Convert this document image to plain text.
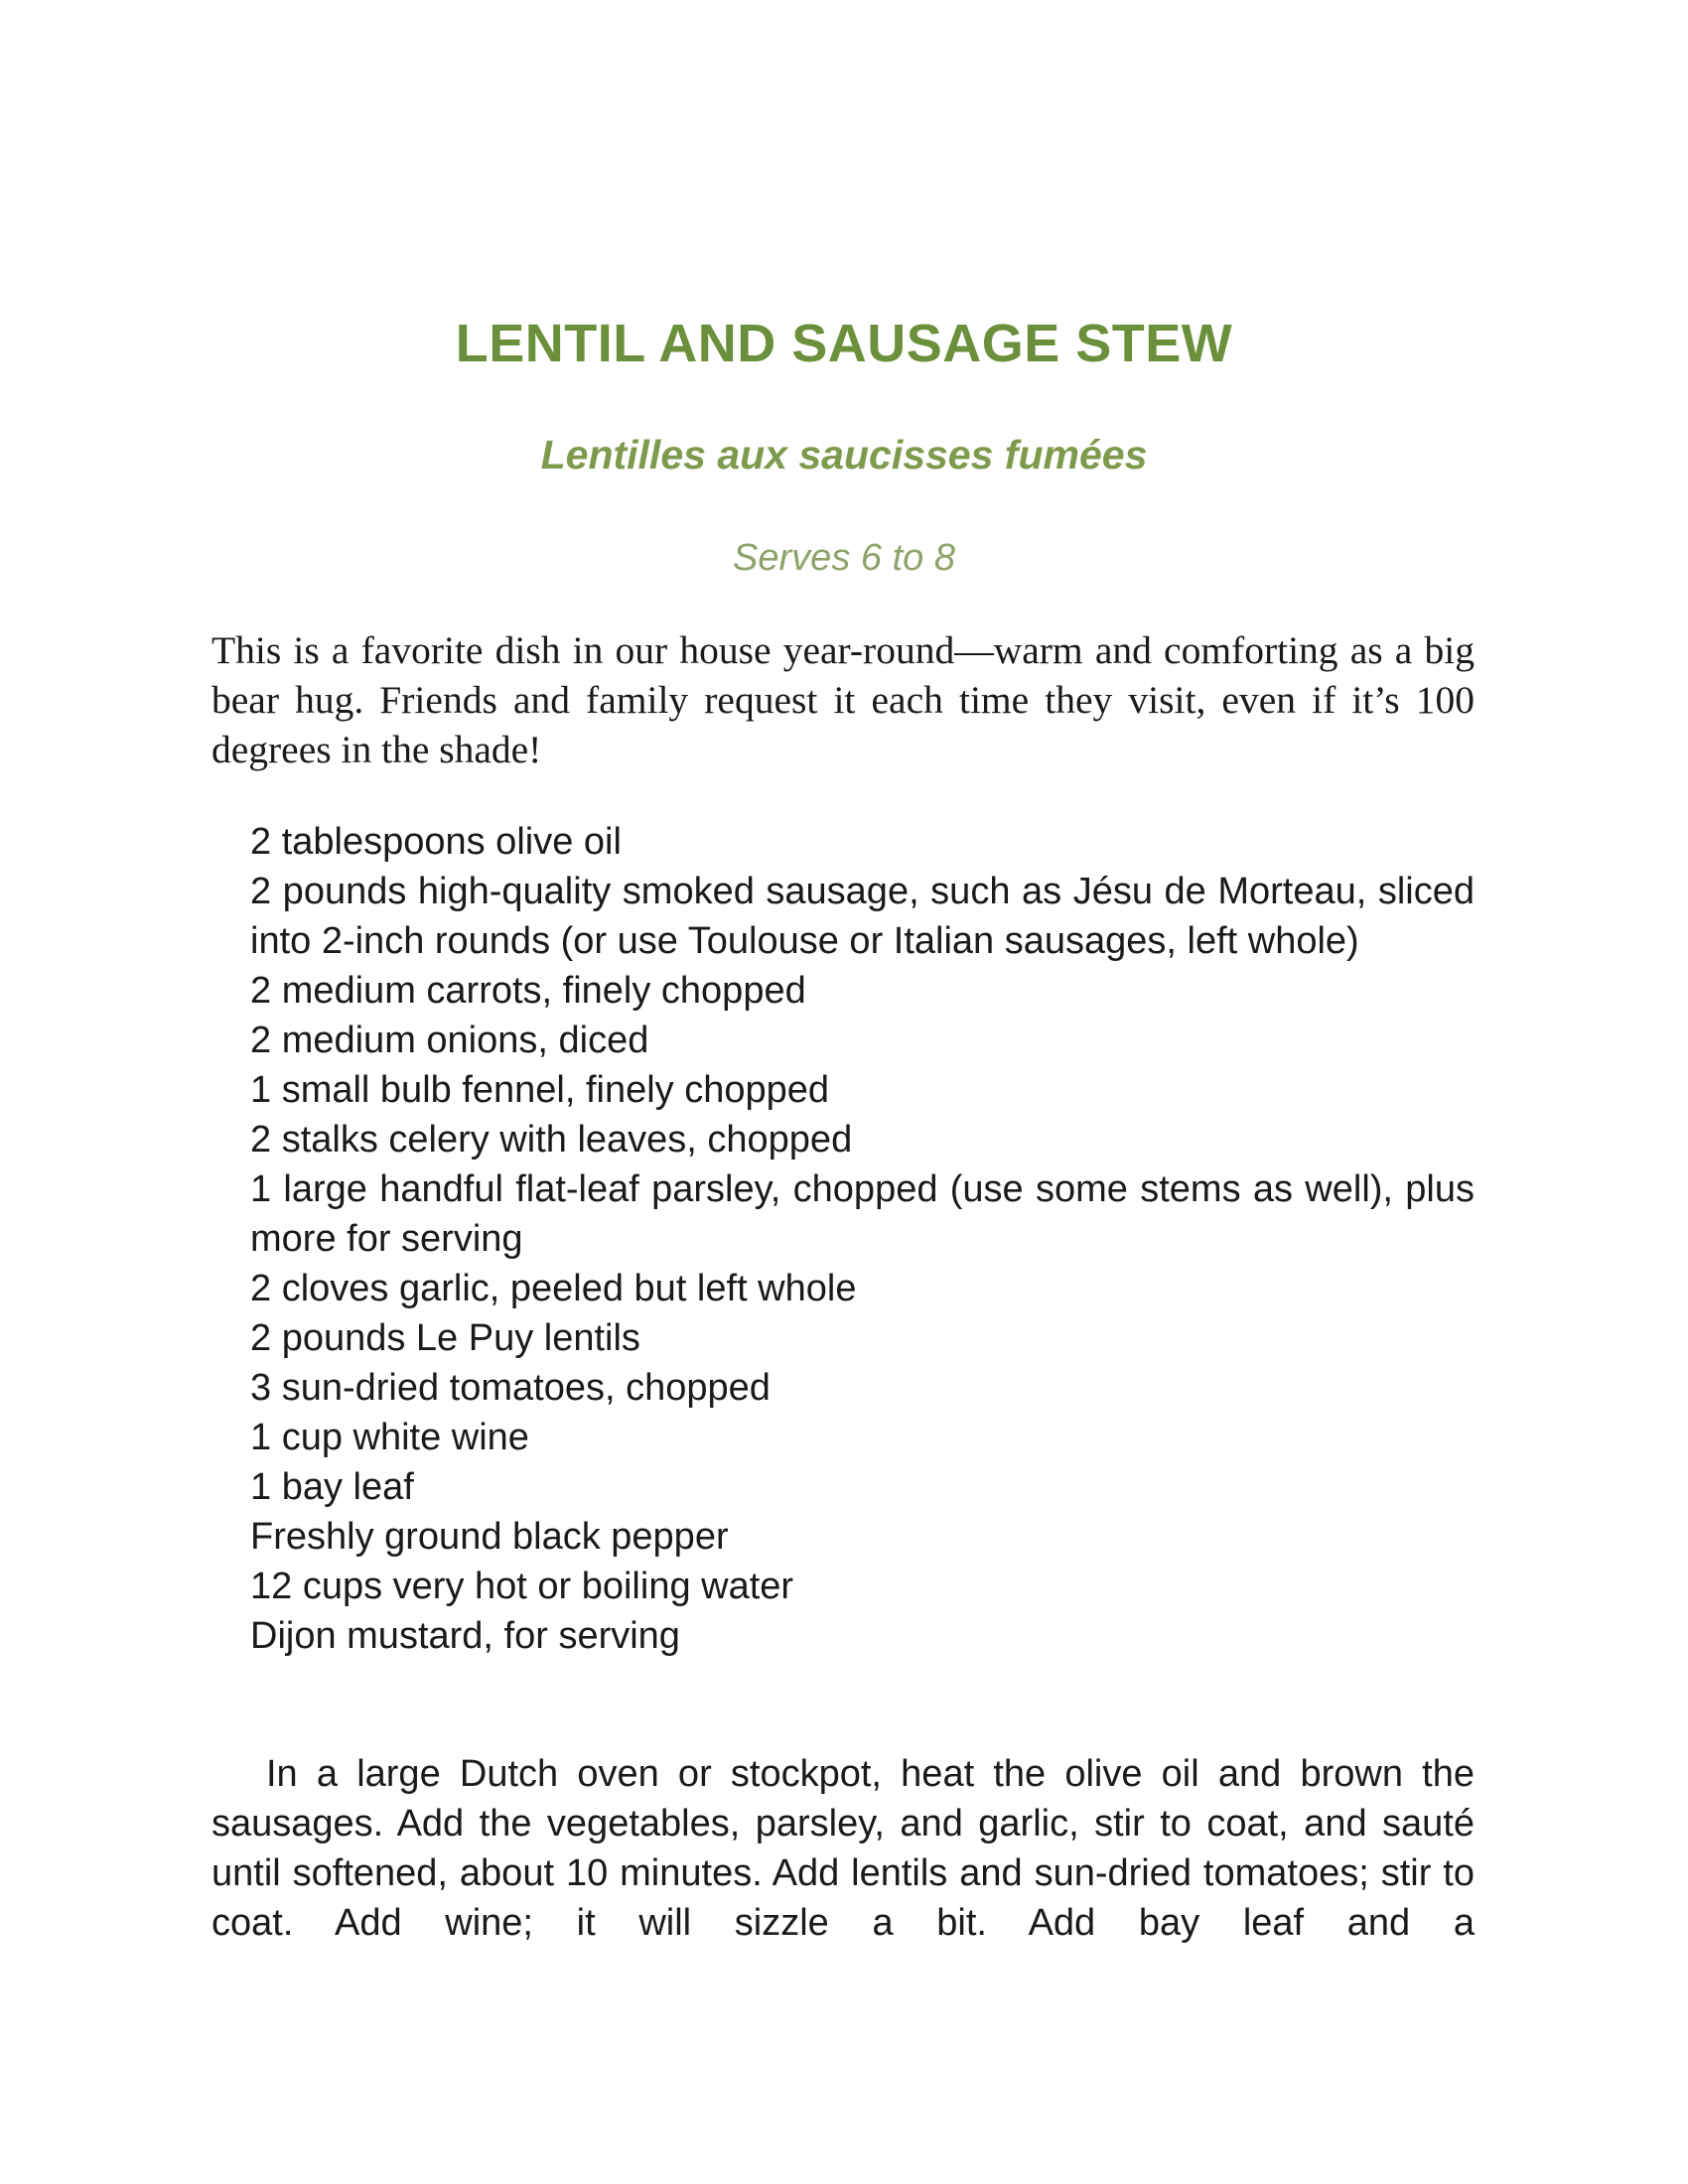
LENTIL AND SAUSAGE STEW
Lentilles aux saucisses fumées

Serves 6 to 8

This is a favorite dish in our house year-round—warm and comforting as a big bear hug. Friends and family request it each time they visit, even if it’s 100 degrees in the shade!

2 tablespoons olive oil
2 pounds high-quality smoked sausage, such as Jésu de Morteau, sliced into 2-inch rounds (or use Toulouse or Italian sausages, left whole)
2 medium carrots, finely chopped
2 medium onions, diced
1 small bulb fennel, finely chopped
2 stalks celery with leaves, chopped
1 large handful flat-leaf parsley, chopped (use some stems as well), plus more for serving
2 cloves garlic, peeled but left whole
2 pounds Le Puy lentils
3 sun-dried tomatoes, chopped
1 cup white wine
1 bay leaf
Freshly ground black pepper
12 cups very hot or boiling water
Dijon mustard, for serving

In a large Dutch oven or stockpot, heat the olive oil and brown the sausages. Add the vegetables, parsley, and garlic, stir to coat, and sauté until softened, about 10 minutes. Add lentils and sun-dried tomatoes; stir to coat. Add wine; it will sizzle a bit. Add bay leaf and a
